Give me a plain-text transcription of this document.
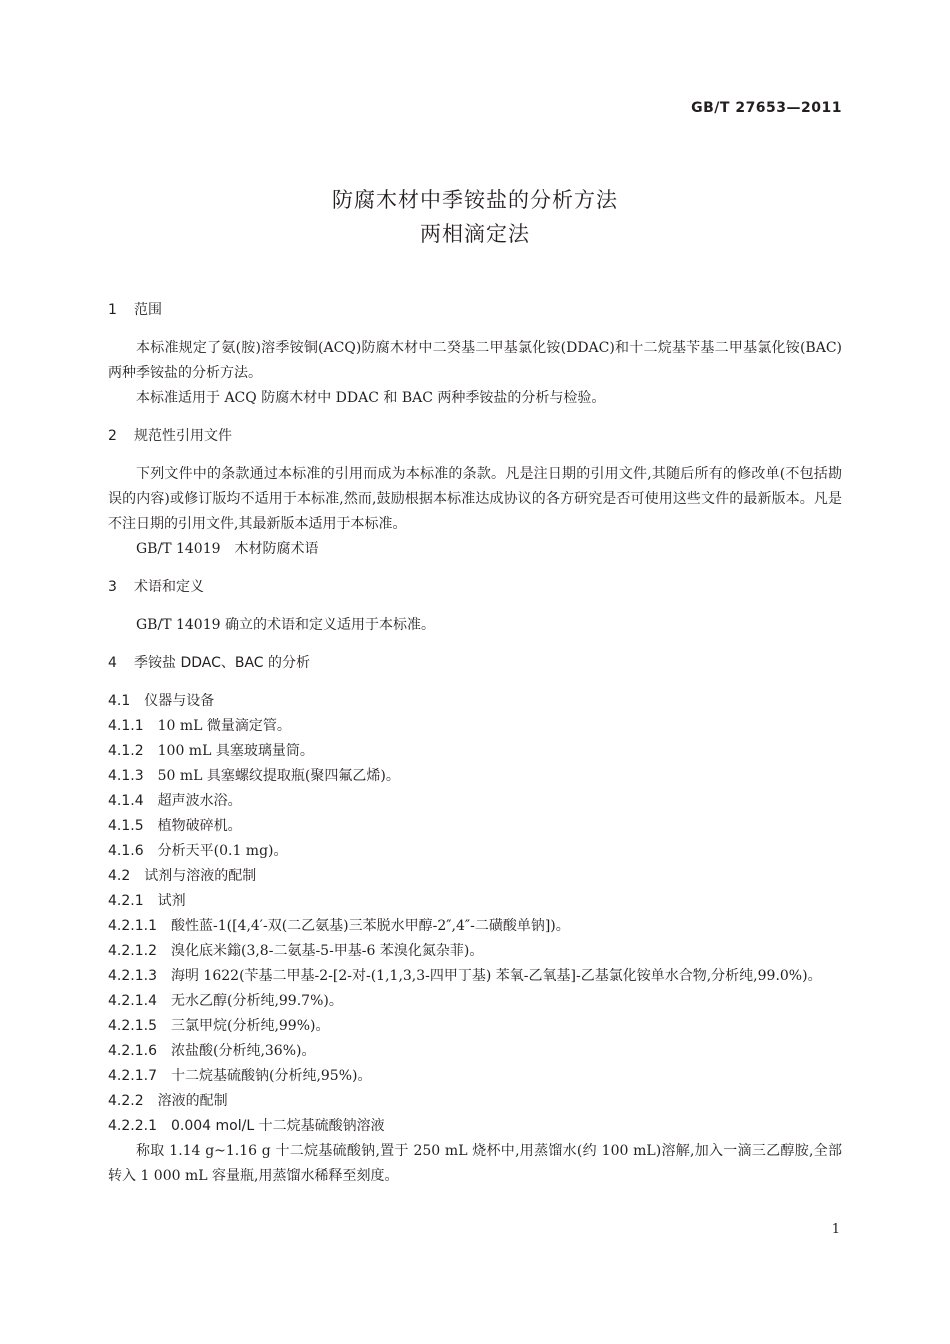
GB/T 27653—2011
防腐木材中季铵盐的分析方法
两相滴定法
1 范围

本标准规定了氨(胺)溶季铵铜(ACQ)防腐木材中二癸基二甲基氯化铵(DDAC)和十二烷基苄基二甲基氯化铵(BAC)两种季铵盐的分析方法。

本标准适用于 ACQ 防腐木材中 DDAC 和 BAC 两种季铵盐的分析与检验。

2 规范性引用文件

下列文件中的条款通过本标准的引用而成为本标准的条款。凡是注日期的引用文件,其随后所有的修改单(不包括勘误的内容)或修订版均不适用于本标准,然而,鼓励根据本标准达成协议的各方研究是否可使用这些文件的最新版本。凡是不注日期的引用文件,其最新版本适用于本标准。

GB/T 14019　木材防腐术语

3 术语和定义

GB/T 14019 确立的术语和定义适用于本标准。

4 季铵盐 DDAC、BAC 的分析
4.1 仪器与设备
4.1.1 10 mL 微量滴定管。
4.1.2 100 mL 具塞玻璃量筒。
4.1.3 50 mL 具塞螺纹提取瓶(聚四氟乙烯)。
4.1.4 超声波水浴。
4.1.5 植物破碎机。
4.1.6 分析天平(0.1 mg)。
4.2 试剂与溶液的配制
4.2.1 试剂
4.2.1.1 酸性蓝-1([4,4′-双(二乙氨基)三苯脱水甲醇-2″,4″-二磺酸单钠])。
4.2.1.2 溴化底米鎓(3,8-二氨基-5-甲基-6 苯溴化氮杂菲)。

4.2.1.3 海明 1622(苄基二甲基-2-[2-对-(1,1,3,3-四甲丁基) 苯氧-乙氧基]-乙基氯化铵单水合物,分析纯,99.0%)。

4.2.1.4 无水乙醇(分析纯,99.7%)。
4.2.1.5 三氯甲烷(分析纯,99%)。
4.2.1.6 浓盐酸(分析纯,36%)。
4.2.1.7 十二烷基硫酸钠(分析纯,95%)。
4.2.2 溶液的配制
4.2.2.1 0.004 mol/L 十二烷基硫酸钠溶液

称取 1.14 g~1.16 g 十二烷基硫酸钠,置于 250 mL 烧杯中,用蒸馏水(约 100 mL)溶解,加入一滴三乙醇胺,全部转入 1 000 mL 容量瓶,用蒸馏水稀释至刻度。

1
